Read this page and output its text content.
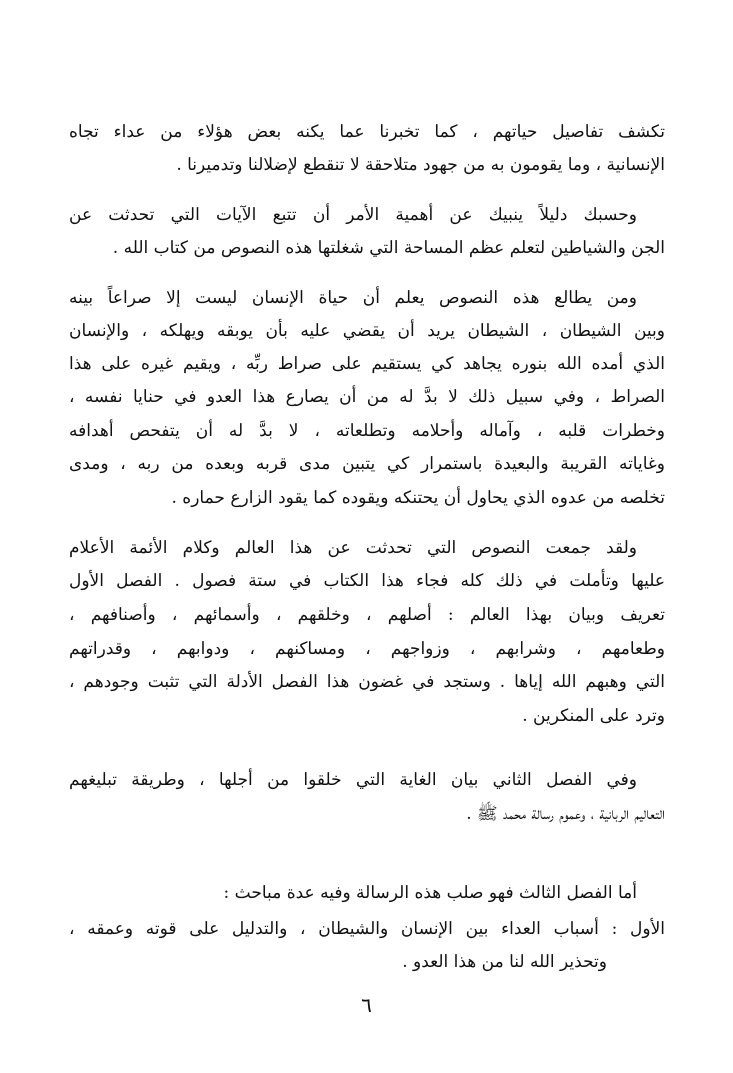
تكشف تفاصيل حياتهم ، كما تخبرنا عما يكنه بعض هؤلاء من عداء تجاه
الإنسانية ، وما يقومون به من جهود متلاحقة لا تنقطع لإضلالنا وتدميرنا .
وحسبك دليلاً ينبيك عن أهمية الأمر أن تتبع الآيات التي تحدثت عن
الجن والشياطين لتعلم عظم المساحة التي شغلتها هذه النصوص من كتاب الله .
ومن يطالع هذه النصوص يعلم أن حياة الإنسان ليست إلا صراعاً بينه
وبين الشيطان ، الشيطان يريد أن يقضي عليه بأن يوبقه ويهلكه ، والإنسان
الذي أمده الله بنوره يجاهد كي يستقيم على صراط ربِّه ، ويقيم غيره على هذا
الصراط ، وفي سبيل ذلك لا بدَّ له من أن يصارع هذا العدو في حنايا نفسه ،
وخطرات قلبه ، وآماله وأحلامه وتطلعاته ، لا بدَّ له أن يتفحص أهدافه
وغاياته القريبة والبعيدة باستمرار كي يتبين مدى قربه وبعده من ربه ، ومدى
تخلصه من عدوه الذي يحاول أن يحتنكه ويقوده كما يقود الزارع حماره .
ولقد جمعت النصوص التي تحدثت عن هذا العالم وكلام الأئمة الأعلام
عليها وتأملت في ذلك كله فجاء هذا الكتاب في ستة فصول . الفصل الأول
تعريف وبيان بهذا العالم : أصلهم ، وخلقهم ، وأسمائهم ، وأصنافهم ،
وطعامهم ، وشرابهم ، وزواجهم ، ومساكنهم ، ودوابهم ، وقدراتهم
التي وهبهم الله إياها . وستجد في غضون هذا الفصل الأدلة التي تثبت وجودهم ،
وترد على المنكرين .
وفي الفصل الثاني بيان الغاية التي خلقوا من أجلها ، وطريقة تبليغهم
التعاليم الربانية ، وعموم رسالة محمد ﷺ .
أما الفصل الثالث فهو صلب هذه الرسالة وفيه عدة مباحث :
الأول : أسباب العداء بين الإنسان والشيطان ، والتدليل على قوته وعمقه ،
وتحذير الله لنا من هذا العدو .
٦
